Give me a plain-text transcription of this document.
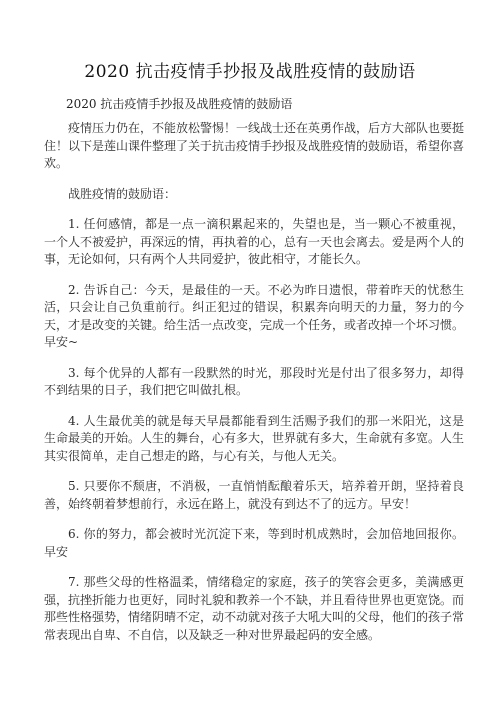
2020 抗击疫情手抄报及战胜疫情的鼓励语
2020 抗击疫情手抄报及战胜疫情的鼓励语

疫情压力仍在，不能放松警惕！一线战士还在英勇作战，后方大部队也要挺住！以下是莲山课件整理了关于抗击疫情手抄报及战胜疫情的鼓励语，希望你喜欢。

战胜疫情的鼓励语：

1. 任何感情，都是一点一滴积累起来的，失望也是，当一颗心不被重视，一个人不被爱护，再深远的情，再执着的心，总有一天也会离去。爱是两个人的事，无论如何，只有两个人共同爱护，彼此相守，才能长久。

2. 告诉自己：今天，是最佳的一天。不必为昨日遗恨，带着昨天的忧愁生活，只会让自己负重前行。纠正犯过的错误，积累奔向明天的力量，努力的今天，才是改变的关键。给生活一点改变，完成一个任务，或者改掉一个坏习惯。早安~

3. 每个优异的人都有一段默然的时光，那段时光是付出了很多努力，却得不到结果的日子，我们把它叫做扎根。

4. 人生最优美的就是每天早晨都能看到生活赐予我们的那一米阳光，这是生命最美的开始。人生的舞台，心有多大，世界就有多大，生命就有多宽。人生其实很简单，走自己想走的路，与心有关，与他人无关。

5. 只要你不颓唐，不消极，一直悄悄酝酿着乐天，培养着开朗，坚持着良善，始终朝着梦想前行，永远在路上，就没有到达不了的远方。早安！

6. 你的努力，都会被时光沉淀下来，等到时机成熟时，会加倍地回报你。早安

7. 那些父母的性格温柔，情绪稳定的家庭，孩子的笑容会更多，美满感更强，抗挫折能力也更好，同时礼貌和教养一个不缺，并且看待世界也更宽饶。而那些性格强势，情绪阴晴不定，动不动就对孩子大吼大叫的父母，他们的孩子常常表现出自卑、不自信，以及缺乏一种对世界最起码的安全感。
